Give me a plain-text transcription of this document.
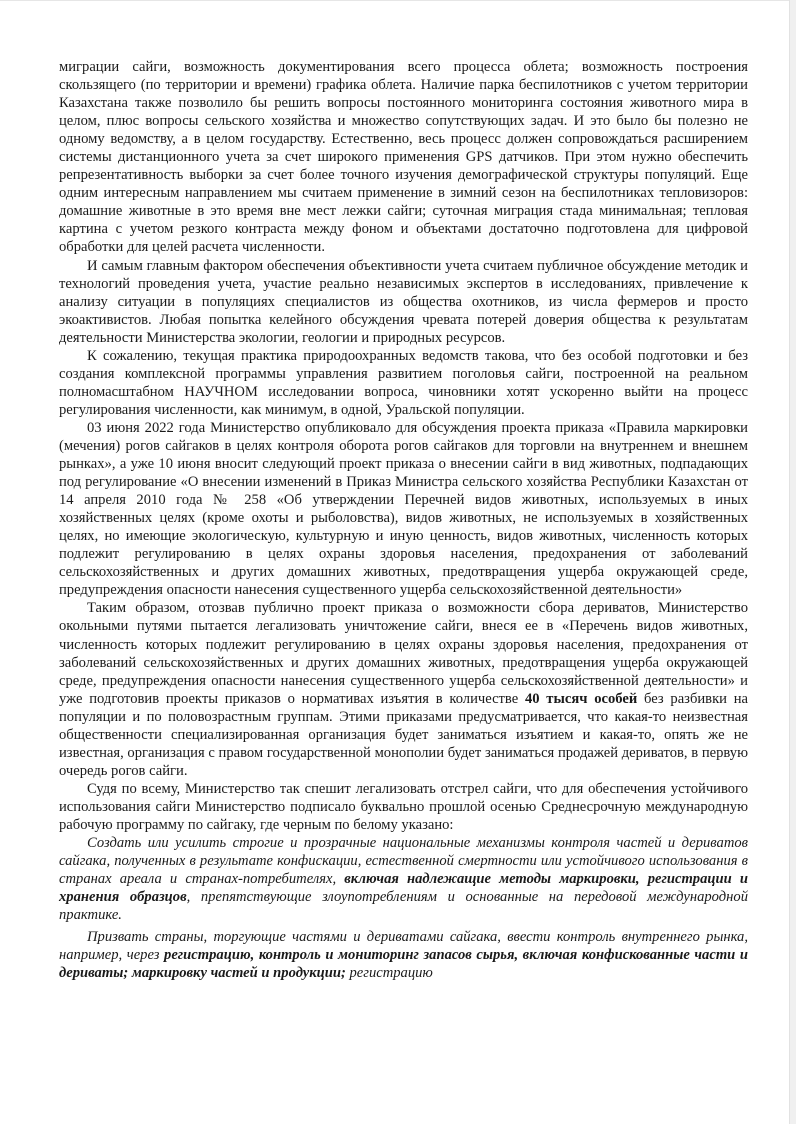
миграции сайги, возможность документирования всего процесса облета; возможность построения скользящего (по территории и времени) графика облета. Наличие парка беспилотников с учетом территории Казахстана также позволило бы решить вопросы постоянного мониторинга состояния животного мира в целом, плюс вопросы сельского хозяйства и множество сопутствующих задач. И это было бы полезно не одному ведомству, а в целом государству. Естественно, весь процесс должен сопровождаться расширением системы дистанционного учета за счет широкого применения GPS датчиков. При этом нужно обеспечить репрезентативность выборки за счет более точного изучения демографической структуры популяций. Еще одним интересным направлением мы считаем применение в зимний сезон на беспилотниках тепловизоров: домашние животные в это время вне мест лежки сайги; суточная миграция стада минимальная; тепловая картина с учетом резкого контраста между фоном и объектами достаточно подготовлена для цифровой обработки для целей расчета численности.

И самым главным фактором обеспечения объективности учета считаем публичное обсуждение методик и технологий проведения учета, участие реально независимых экспертов в исследованиях, привлечение к анализу ситуации в популяциях специалистов из общества охотников, из числа фермеров и просто экоактивистов. Любая попытка келейного обсуждения чревата потерей доверия общества к результатам деятельности Министерства экологии, геологии и природных ресурсов.

К сожалению, текущая практика природоохранных ведомств такова, что без особой подготовки и без создания комплексной программы управления развитием поголовья сайги, построенной на реальном полномасштабном НАУЧНОМ исследовании вопроса, чиновники хотят ускоренно выйти на процесс регулирования численности, как минимум, в одной, Уральской популяции.

03 июня 2022 года Министерство опубликовало для обсуждения проекта приказа «Правила маркировки (мечения) рогов сайгаков в целях контроля оборота рогов сайгаков для торговли на внутреннем и внешнем рынках», а уже 10 июня вносит следующий проект приказа о внесении сайги в вид животных, подпадающих под регулирование «О внесении изменений в Приказ Министра сельского хозяйства Республики Казахстан от 14 апреля 2010 года № 258 «Об утверждении Перечней видов животных, используемых в иных хозяйственных целях (кроме охоты и рыболовства), видов животных, не используемых в хозяйственных целях, но имеющие экологическую, культурную и иную ценность, видов животных, численность которых подлежит регулированию в целях охраны здоровья населения, предохранения от заболеваний сельскохозяйственных и других домашних животных, предотвращения ущерба окружающей среде, предупреждения опасности нанесения существенного ущерба сельскохозяйственной деятельности»

Таким образом, отозвав публично проект приказа о возможности сбора дериватов, Министерство окольными путями пытается легализовать уничтожение сайги, внеся ее в «Перечень видов животных, численность которых подлежит регулированию в целях охраны здоровья населения, предохранения от заболеваний сельскохозяйственных и других домашних животных, предотвращения ущерба окружающей среде, предупреждения опасности нанесения существенного ущерба сельскохозяйственной деятельности» и уже подготовив проекты приказов о нормативах изъятия в количестве 40 тысяч особей без разбивки на популяции и по половозрастным группам. Этими приказами предусматривается, что какая-то неизвестная общественности специализированная организация будет заниматься изъятием и какая-то, опять же не известная, организация с правом государственной монополии будет заниматься продажей дериватов, в первую очередь рогов сайги.

Судя по всему, Министерство так спешит легализовать отстрел сайги, что для обеспечения устойчивого использования сайги Министерство подписало буквально прошлой осенью Среднесрочную международную рабочую программу по сайгаку, где черным по белому указано:

Создать или усилить строгие и прозрачные национальные механизмы контроля частей и дериватов сайгака, полученных в результате конфискации, естественной смертности или устойчивого использования в странах ареала и странах-потребителях, включая надлежащие методы маркировки, регистрации и хранения образцов, препятствующие злоупотреблениям и основанные на передовой международной практике.

Призвать страны, торгующие частями и дериватами сайгака, ввести контроль внутреннего рынка, например, через регистрацию, контроль и мониторинг запасов сырья, включая конфискованные части и дериваты; маркировку частей и продукции; регистрацию
